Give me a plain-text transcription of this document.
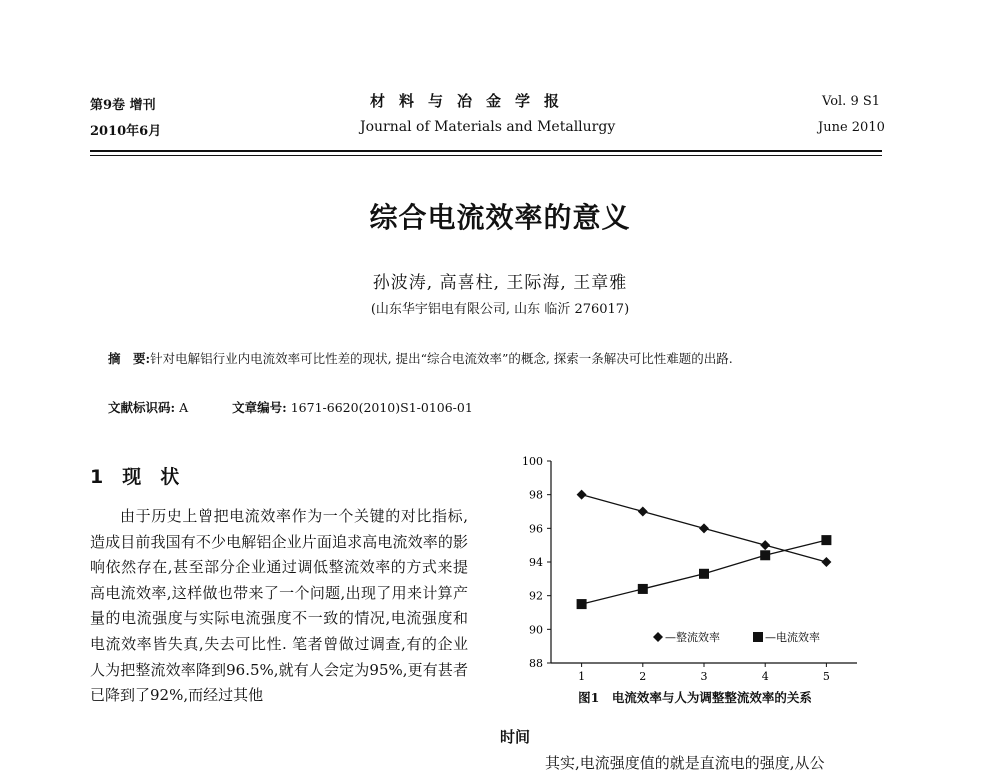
第9卷 增刊
2010年6月
材料与冶金学报
Journal of Materials and Metallurgy
Vol. 9 S1
June 2010
综合电流效率的意义
孙波涛, 高喜柱, 王际海, 王章雅
(山东华宇铝电有限公司, 山东 临沂 276017)
摘　要:针对电解铝行业内电流效率可比性差的现状, 提出“综合电流效率”的概念, 探索一条解决可比性难题的出路.
文献标识码: A	文章编号: 1671-6620(2010)S1-0106-01
1　现　状
由于历史上曾把电流效率作为一个关键的对比指标,造成目前我国有不少电解铝企业片面追求高电流效率的影响依然存在,甚至部分企业通过调低整流效率的方式来提高电流效率,这样做也带来了一个问题,出现了用来计算产量的电流强度与实际电流强度不一致的情况,电流强度和电流效率皆失真,失去可比性. 笔者曾做过调查,有的企业人为把整流效率降到96.5%,就有人会定为95%,更有甚者已降到了92%,而经过其他
88
90
92
94
96
98
100
1	2	3	4	5
—整流效率	—电流效率
图1　电流效率与人为调整整流效率的关系
时间
　其实,电流强度值的就是直流电的强度,从公
